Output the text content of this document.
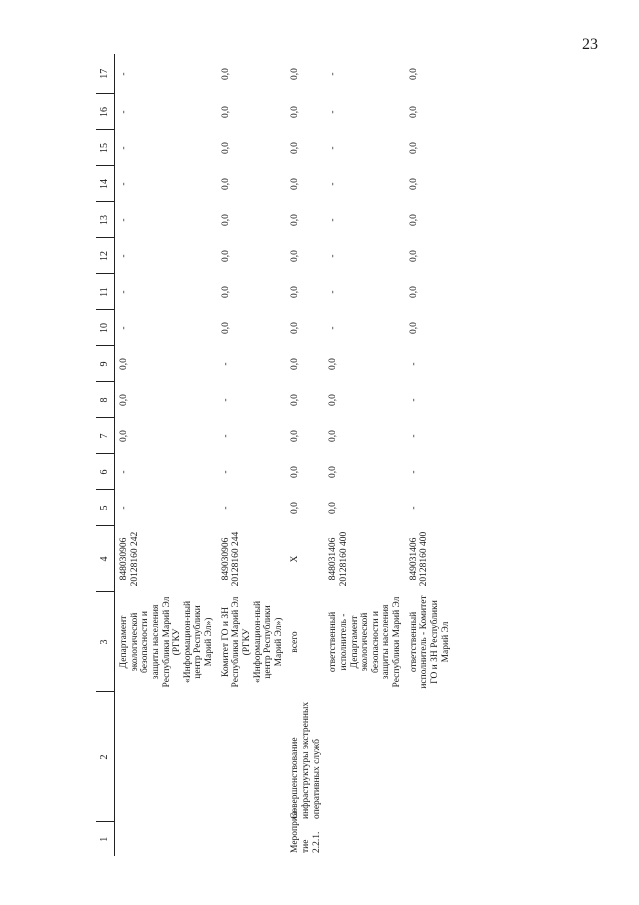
23
1	2	3	4	5	6	7	8	9	10	11	12	13	14	15	16	17
		Департамент экологической безопасности и защиты населения Республики Марий Эл (РГКУ «Информацион-ный центр Республики Марий Эл»)	848030906 20128160 242	-	-	0,0	0,0	0,0	-	-	-	-	-	-	-	-
		Комитет ГО и ЗН Республики Марий Эл (РГКУ «Информацион-ный центр Республики Марий Эл»)	849030906 20128160 244	-	-	-	-	-	0,0	0,0	0,0	0,0	0,0	0,0	0,0	0,0
Мероприя-тие 2.2.1.	Совершенствование инфраструктуры экстренных оперативных служб	всего	Х	0,0	0,0	0,0	0,0	0,0	0,0	0,0	0,0	0,0	0,0	0,0	0,0	0,0
		ответственный исполнитель - Департамент экологической безопасности и защиты населения Республики Марий Эл	848031406 20128160 400	0,0	0,0	0,0	0,0	0,0	-	-	-	-	-	-	-	-
		ответственный исполнитель - Комитет ГО и ЗН Республики Марий Эл	849031406 20128160 400	-	-	-	-	-	0,0	0,0	0,0	0,0	0,0	0,0	0,0	0,0
